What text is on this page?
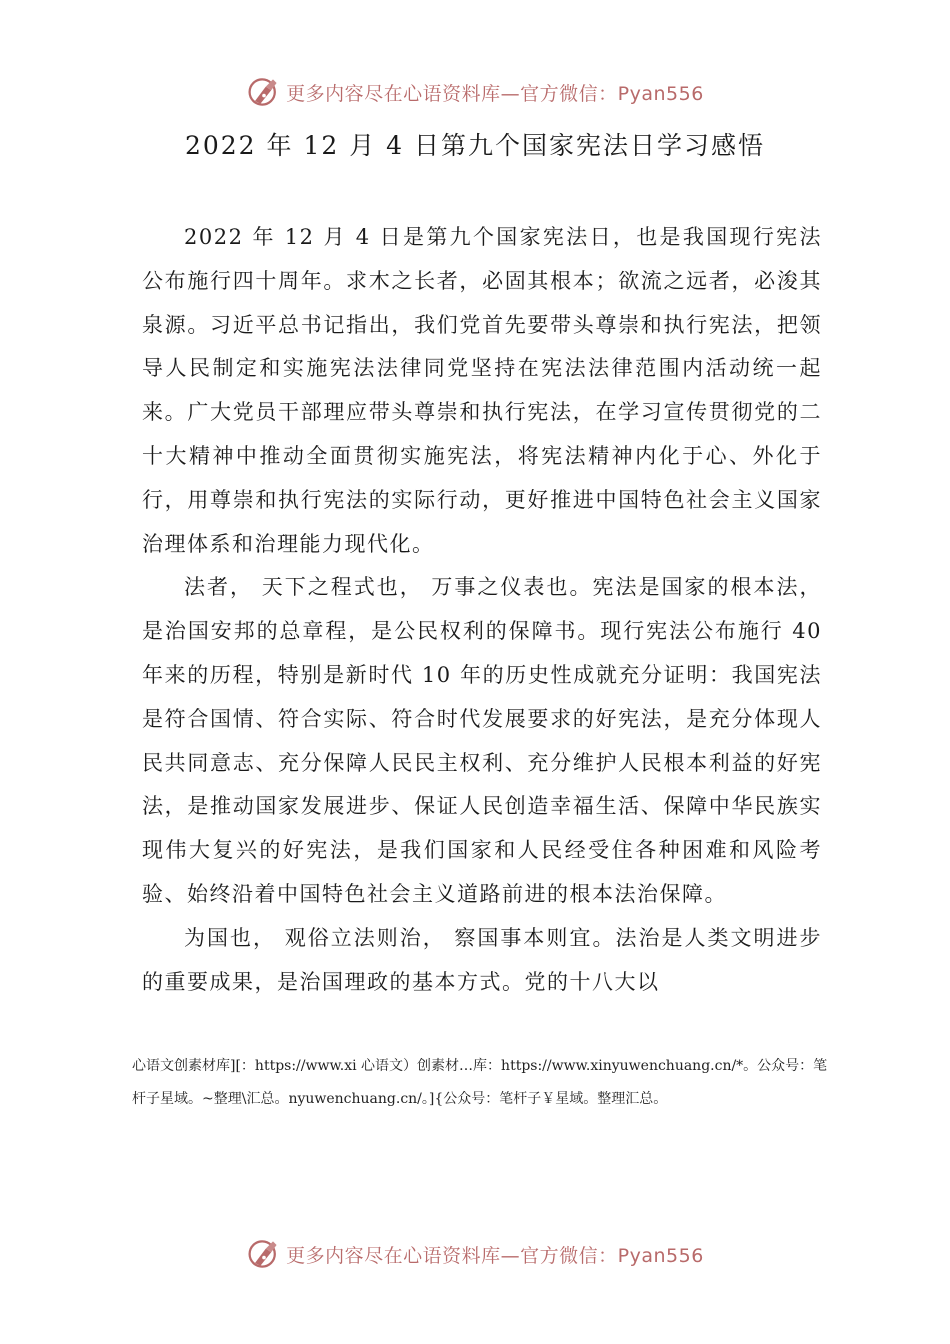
更多内容尽在心语资料库—官方微信：Pyan556
2022 年 12 月 4 日第九个国家宪法日学习感悟

2022 年 12 月 4 日是第九个国家宪法日，也是我国现行宪法公布施行四十周年。求木之长者，必固其根本；欲流之远者，必浚其泉源。习近平总书记指出，我们党首先要带头尊崇和执行宪法，把领导人民制定和实施宪法法律同党坚持在宪法法律范围内活动统一起来。广大党员干部理应带头尊崇和执行宪法，在学习宣传贯彻党的二十大精神中推动全面贯彻实施宪法，将宪法精神内化于心、外化于行，用尊崇和执行宪法的实际行动，更好推进中国特色社会主义国家治理体系和治理能力现代化。

法者， 天下之程式也， 万事之仪表也。宪法是国家的根本法，是治国安邦的总章程，是公民权利的保障书。现行宪法公布施行 40 年来的历程，特别是新时代 10 年的历史性成就充分证明：我国宪法是符合国情、符合实际、符合时代发展要求的好宪法，是充分体现人民共同意志、充分保障人民民主权利、充分维护人民根本利益的好宪法，是推动国家发展进步、保证人民创造幸福生活、保障中华民族实现伟大复兴的好宪法，是我们国家和人民经受住各种困难和风险考验、始终沿着中国特色社会主义道路前进的根本法治保障。

为国也， 观俗立法则治， 察国事本则宜。法治是人类文明进步的重要成果，是治国理政的基本方式。党的十八大以

心语文创素材库][：https://www.xi 心语文）创素材…库：https://www.xinyuwenchuang.cn/*。公众号：笔杆子星域。~整理\汇总。nyuwenchuang.cn/。]{公众号：笔杆子￥星域。整理汇总。
更多内容尽在心语资料库—官方微信：Pyan556
